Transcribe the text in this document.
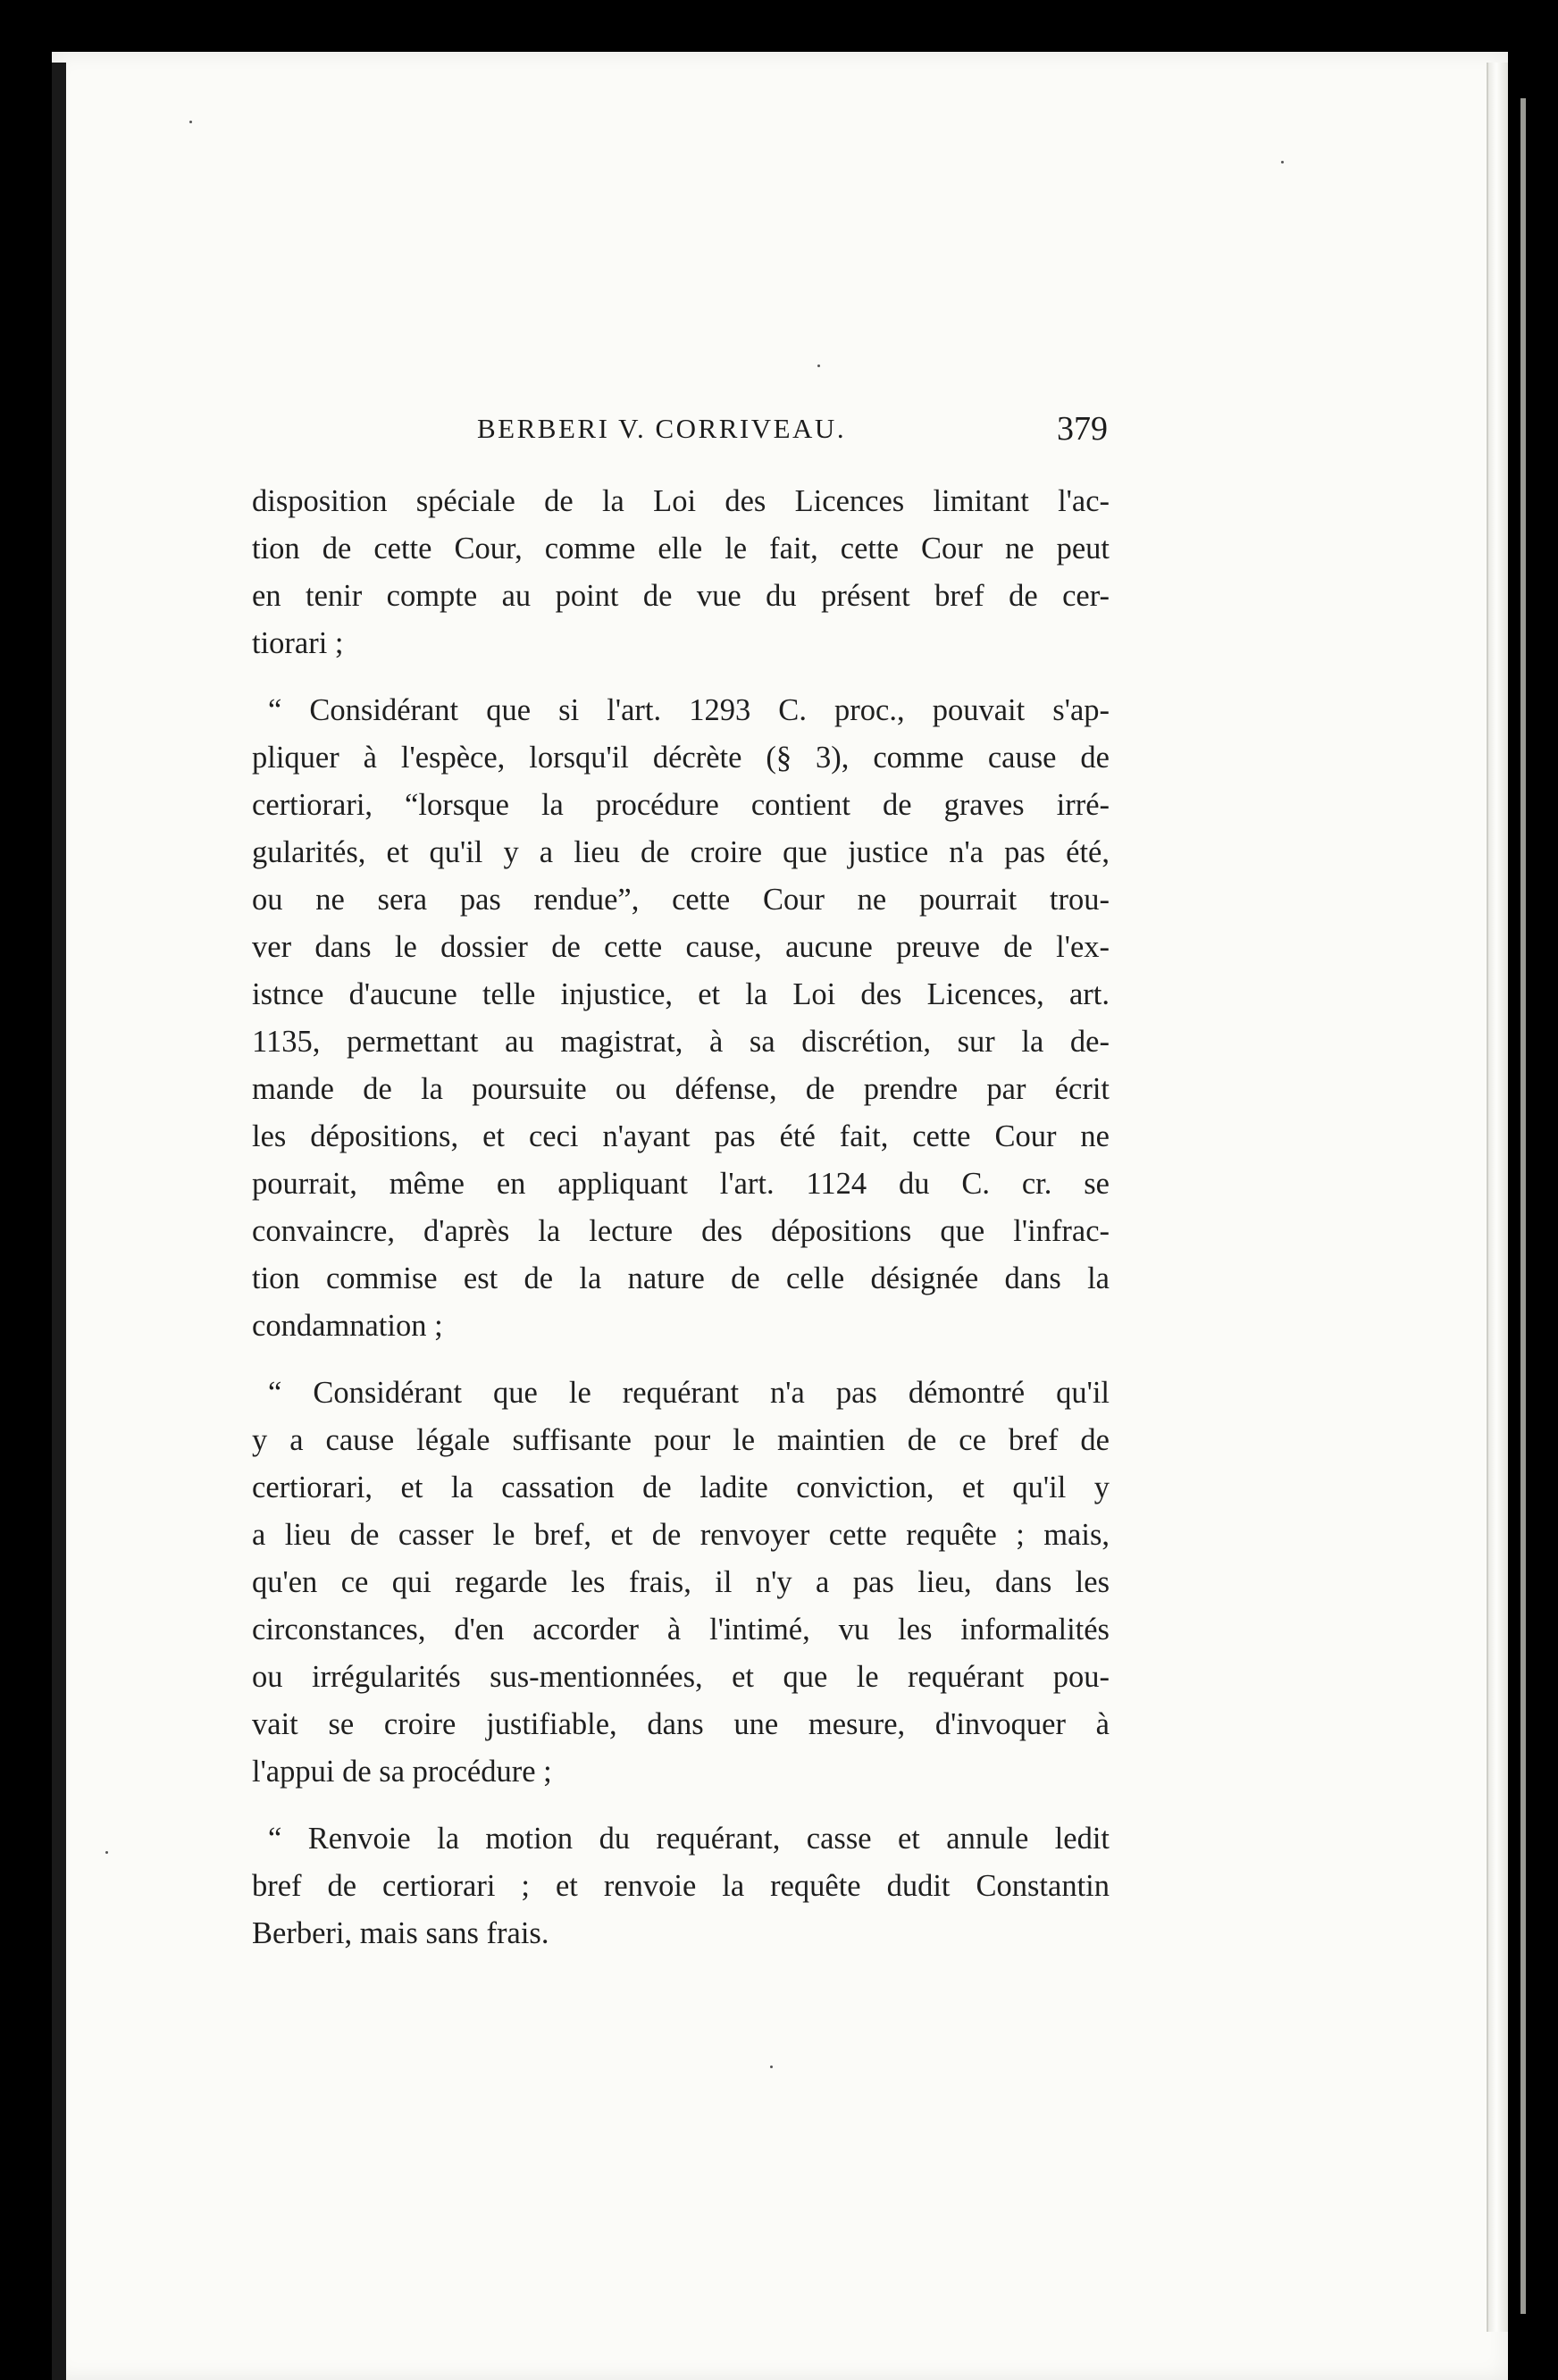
BERBERI V. CORRIVEAU.	379

disposition spéciale de la Loi des Licences limitant l'ac-
tion de cette Cour, comme elle le fait, cette Cour ne peut
en tenir compte au point de vue du présent bref de cer-
tiorari ;

“ Considérant que si l'art. 1293 C. proc., pouvait s'ap-
pliquer à l'espèce, lorsqu'il décrète (§ 3), comme cause de
certiorari, “lorsque la procédure contient de graves irré-
gularités, et qu'il y a lieu de croire que justice n'a pas été,
ou ne sera pas rendue”, cette Cour ne pourrait trou-
ver dans le dossier de cette cause, aucune preuve de l'ex-
istnce d'aucune telle injustice, et la Loi des Licences, art.
1135, permettant au magistrat, à sa discrétion, sur la de-
mande de la poursuite ou défense, de prendre par écrit
les dépositions, et ceci n'ayant pas été fait, cette Cour ne
pourrait, même en appliquant l'art. 1124 du C. cr. se
convaincre, d'après la lecture des dépositions que l'infrac-
tion commise est de la nature de celle désignée dans la
condamnation ;

“ Considérant que le requérant n'a pas démontré qu'il
y a cause légale suffisante pour le maintien de ce bref de
certiorari, et la cassation de ladite conviction, et qu'il y
a lieu de casser le bref, et de renvoyer cette requête ; mais,
qu'en ce qui regarde les frais, il n'y a pas lieu, dans les
circonstances, d'en accorder à l'intimé, vu les informalités
ou irrégularités sus-mentionnées, et que le requérant pou-
vait se croire justifiable, dans une mesure, d'invoquer à
l'appui de sa procédure ;

“ Renvoie la motion du requérant, casse et annule ledit
bref de certiorari ; et renvoie la requête dudit Constantin
Berberi, mais sans frais.
